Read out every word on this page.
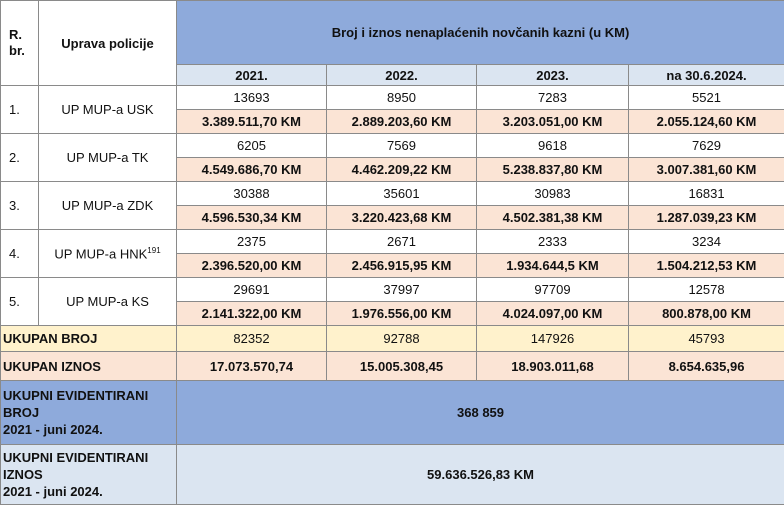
R.
br.	Uprava policije	Broj i iznos nenaplaćenih novčanih kazni (u KM)			
		2021.	2022.	2023.	na 30.6.2024.
1.	UP MUP-a USK	13693	8950	7283	5521
		3.389.511,70 KM	2.889.203,60 KM	3.203.051,00 KM	2.055.124,60 KM
2.	UP MUP-a TK	6205	7569	9618	7629
		4.549.686,70 KM	4.462.209,22 KM	5.238.837,80 KM	3.007.381,60 KM
3.	UP MUP-a ZDK	30388	35601	30983	16831
		4.596.530,34 KM	3.220.423,68 KM	4.502.381,38 KM	1.287.039,23 KM
4.	UP MUP-a HNK$^{191}$	2375	2671	2333	3234
		2.396.520,00 KM	2.456.915,95 KM	1.934.644,5 KM	1.504.212,53 KM
5.	UP MUP-a KS	29691	37997	97709	12578
		2.141.322,00 KM	1.976.556,00 KM	4.024.097,00 KM	800.878,00 KM
UKUPAN BROJ		82352	92788	147926	45793
UKUPAN IZNOS		17.073.570,74	15.005.308,45	18.903.011,68	8.654.635,96
UKUPNI EVIDENTIRANI
BROJ
2021 - juni 2024.		368 859			
UKUPNI EVIDENTIRANI
IZNOS
2021 - juni 2024.		59.636.526,83 KM			
